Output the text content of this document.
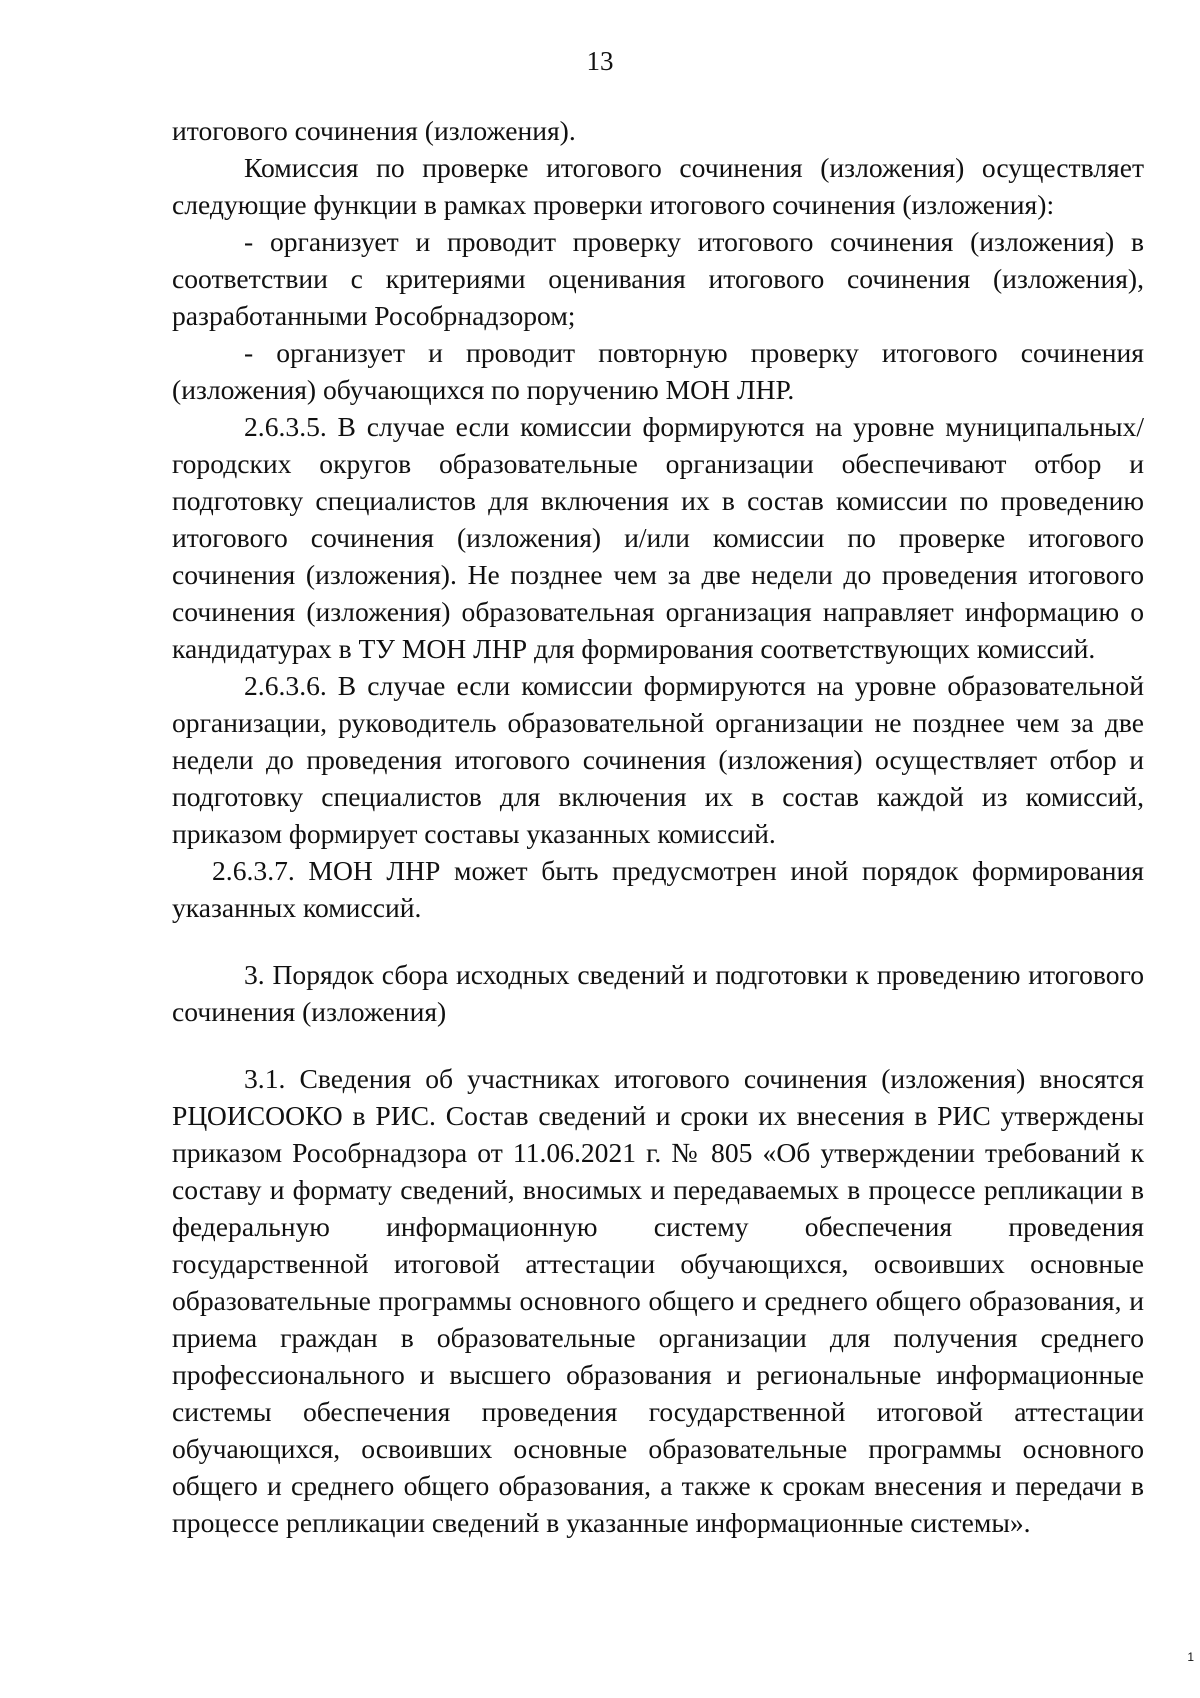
13

итогового сочинения (изложения).

Комиссия по проверке итогового сочинения (изложения) осуществляет следующие функции в рамках проверки итогового сочинения (изложения):

- организует и проводит проверку итогового сочинения (изложения) в соответствии с критериями оценивания итогового сочинения (изложения), разработанными Рособрнадзором;

- организует и проводит повторную проверку итогового сочинения (изложения) обучающихся по поручению МОН ЛНР.

2.6.3.5. В случае если комиссии формируются на уровне муниципальных/городских округов образовательные организации обеспечивают отбор и подготовку специалистов для включения их в состав комиссии по проведению итогового сочинения (изложения) и/или комиссии по проверке итогового сочинения (изложения). Не позднее чем за две недели до проведения итогового сочинения (изложения) образовательная организация направляет информацию о кандидатурах в ТУ МОН ЛНР для формирования соответствующих комиссий.

2.6.3.6. В случае если комиссии формируются на уровне образовательной организации, руководитель образовательной организации не позднее чем за две недели до проведения итогового сочинения (изложения) осуществляет отбор и подготовку специалистов для включения их в состав каждой из комиссий, приказом формирует составы указанных комиссий.

2.6.3.7. МОН ЛНР может быть предусмотрен иной порядок формирования указанных комиссий.

3. Порядок сбора исходных сведений и подготовки к проведению итогового сочинения (изложения)

3.1. Сведения об участниках итогового сочинения (изложения) вносятся РЦОИСООКО в РИС. Состав сведений и сроки их внесения в РИС утверждены приказом Рособрнадзора от 11.06.2021 г. № 805 «Об утверждении требований к составу и формату сведений, вносимых и передаваемых в процессе репликации в федеральную информационную систему обеспечения проведения государственной итоговой аттестации обучающихся, освоивших основные образовательные программы основного общего и среднего общего образования, и приема граждан в образовательные организации для получения среднего профессионального и высшего образования и региональные информационные системы обеспечения проведения государственной итоговой аттестации обучающихся, освоивших основные образовательные программы основного общего и среднего общего образования, а также к срокам внесения и передачи в процессе репликации сведений в указанные информационные системы».

1
